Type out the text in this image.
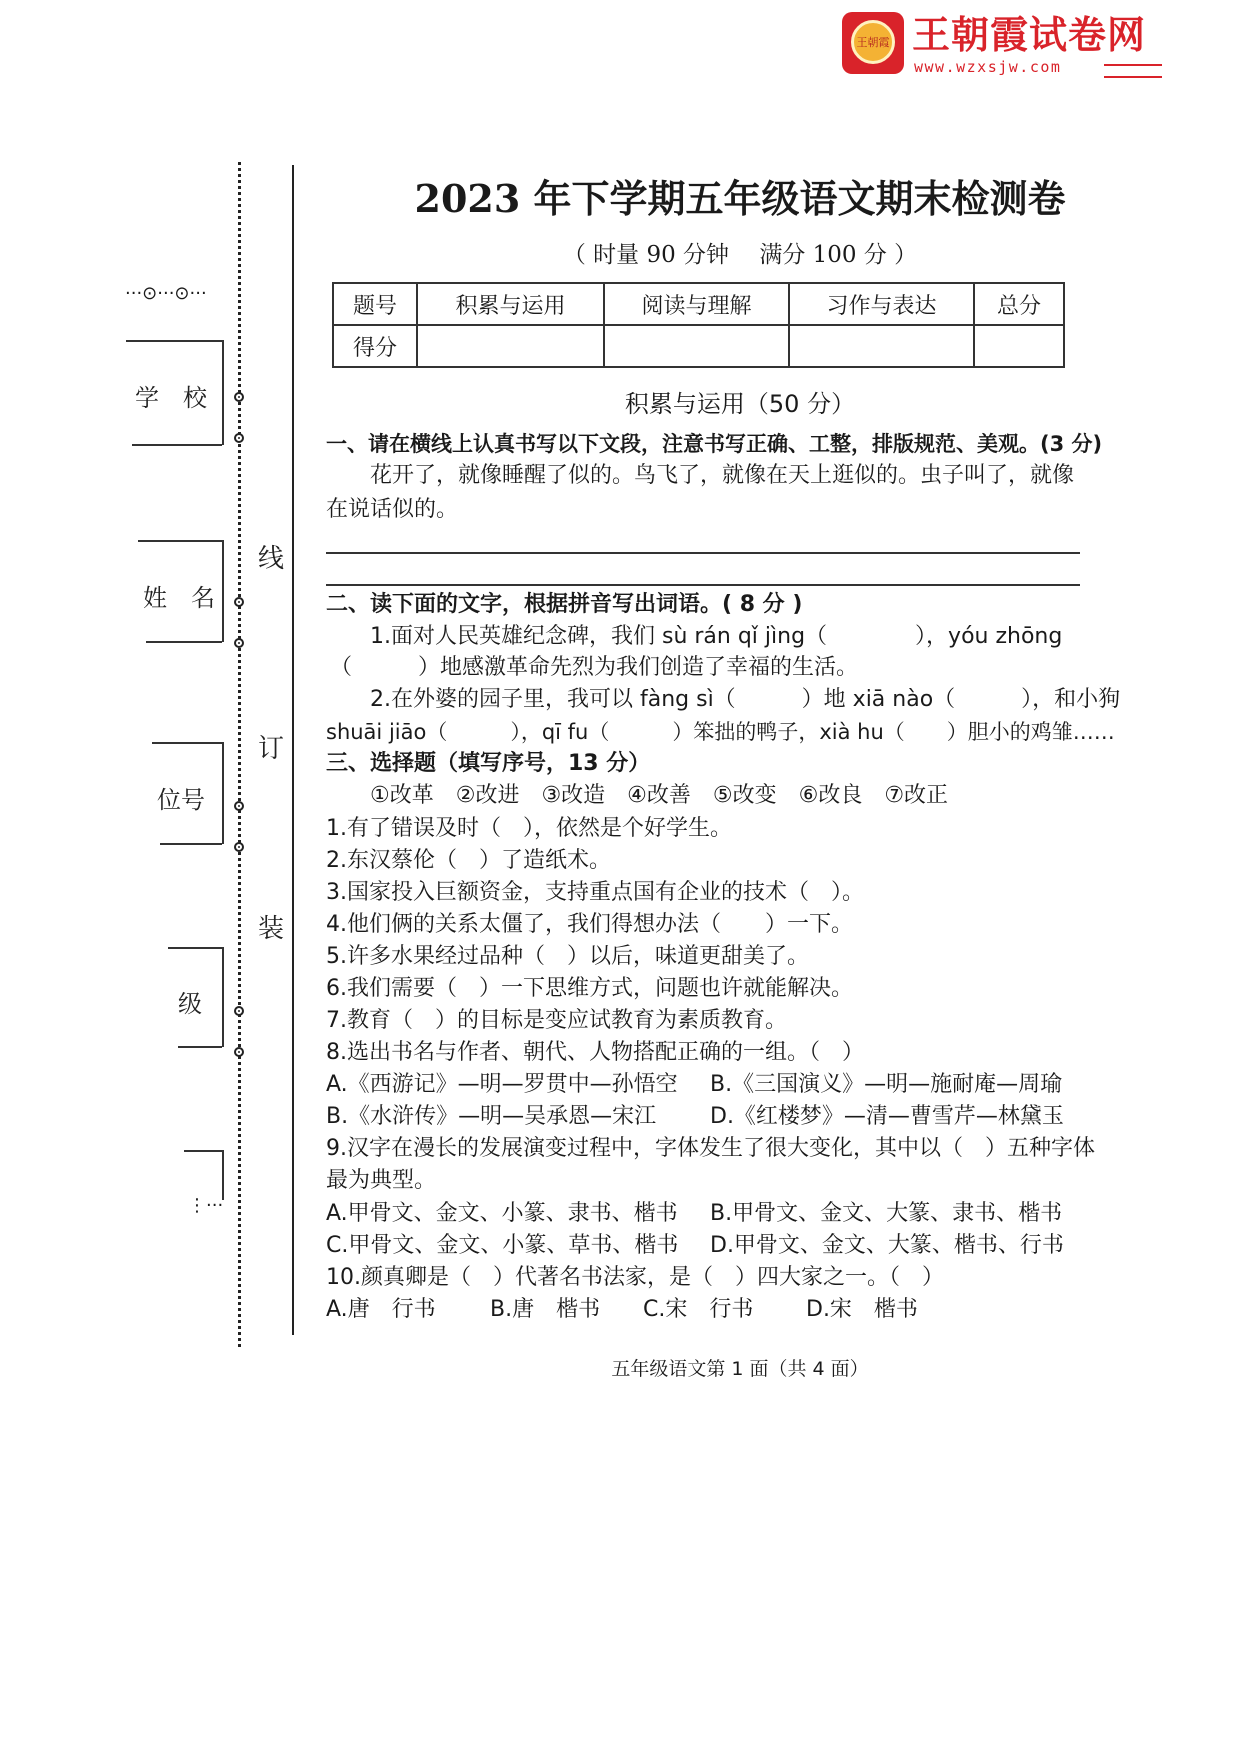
王朝霞 王朝霞试卷网
www.wzxsjw.com
···⊙···⊙···
线
订
装
学　校
姓　名
位号
级
⋮···
2023 年下学期五年级语文期末检测卷
（ 时量 90 分钟　 满分 100 分 ）
题号	积累与运用	阅读与理解	习作与表达	总分
得分				
积累与运用（50 分）
一、请在横线上认真书写以下文段，注意书写正确、工整，排版规范、美观。(3 分)
花开了，就像睡醒了似的。鸟飞了，就像在天上逛似的。虫子叫了，就像
在说话似的。
二、读下面的文字，根据拼音写出词语。( 8 分 )
1.面对人民英雄纪念碑，我们 sù rán qǐ jìng（　　　　），yóu zhōng
（　　　）地感激革命先烈为我们创造了幸福的生活。
2.在外婆的园子里，我可以 fàng sì（　　　）地 xiā nào（　　　），和小狗
shuāi jiāo（　　　），qī fu（　　　）笨拙的鸭子，xià hu（　　）胆小的鸡雏……
三、选择题（填写序号，13 分）
①改革　②改进　③改造　④改善　⑤改变　⑥改良　⑦改正
1.有了错误及时（　），依然是个好学生。
2.东汉蔡伦（　）了造纸术。
3.国家投入巨额资金，支持重点国有企业的技术（　）。
4.他们俩的关系太僵了，我们得想办法（　　）一下。
5.许多水果经过品种（　）以后，味道更甜美了。
6.我们需要（　）一下思维方式，问题也许就能解决。
7.教育（　）的目标是变应试教育为素质教育。
8.选出书名与作者、朝代、人物搭配正确的一组。（　）
A.《西游记》—明—罗贯中—孙悟空 B.《三国演义》—明—施耐庵—周瑜
B.《水浒传》—明—吴承恩—宋江 D.《红楼梦》—清—曹雪芹—林黛玉
9.汉字在漫长的发展演变过程中，字体发生了很大变化，其中以（　）五种字体
最为典型。
A.甲骨文、金文、小篆、隶书、楷书 B.甲骨文、金文、大篆、隶书、楷书
C.甲骨文、金文、小篆、草书、楷书 D.甲骨文、金文、大篆、楷书、行书
10.颜真卿是（　）代著名书法家，是（　）四大家之一。（　）
A.唐　行书 B.唐　楷书 C.宋　行书 D.宋　楷书
五年级语文第 1 面（共 4 面）
